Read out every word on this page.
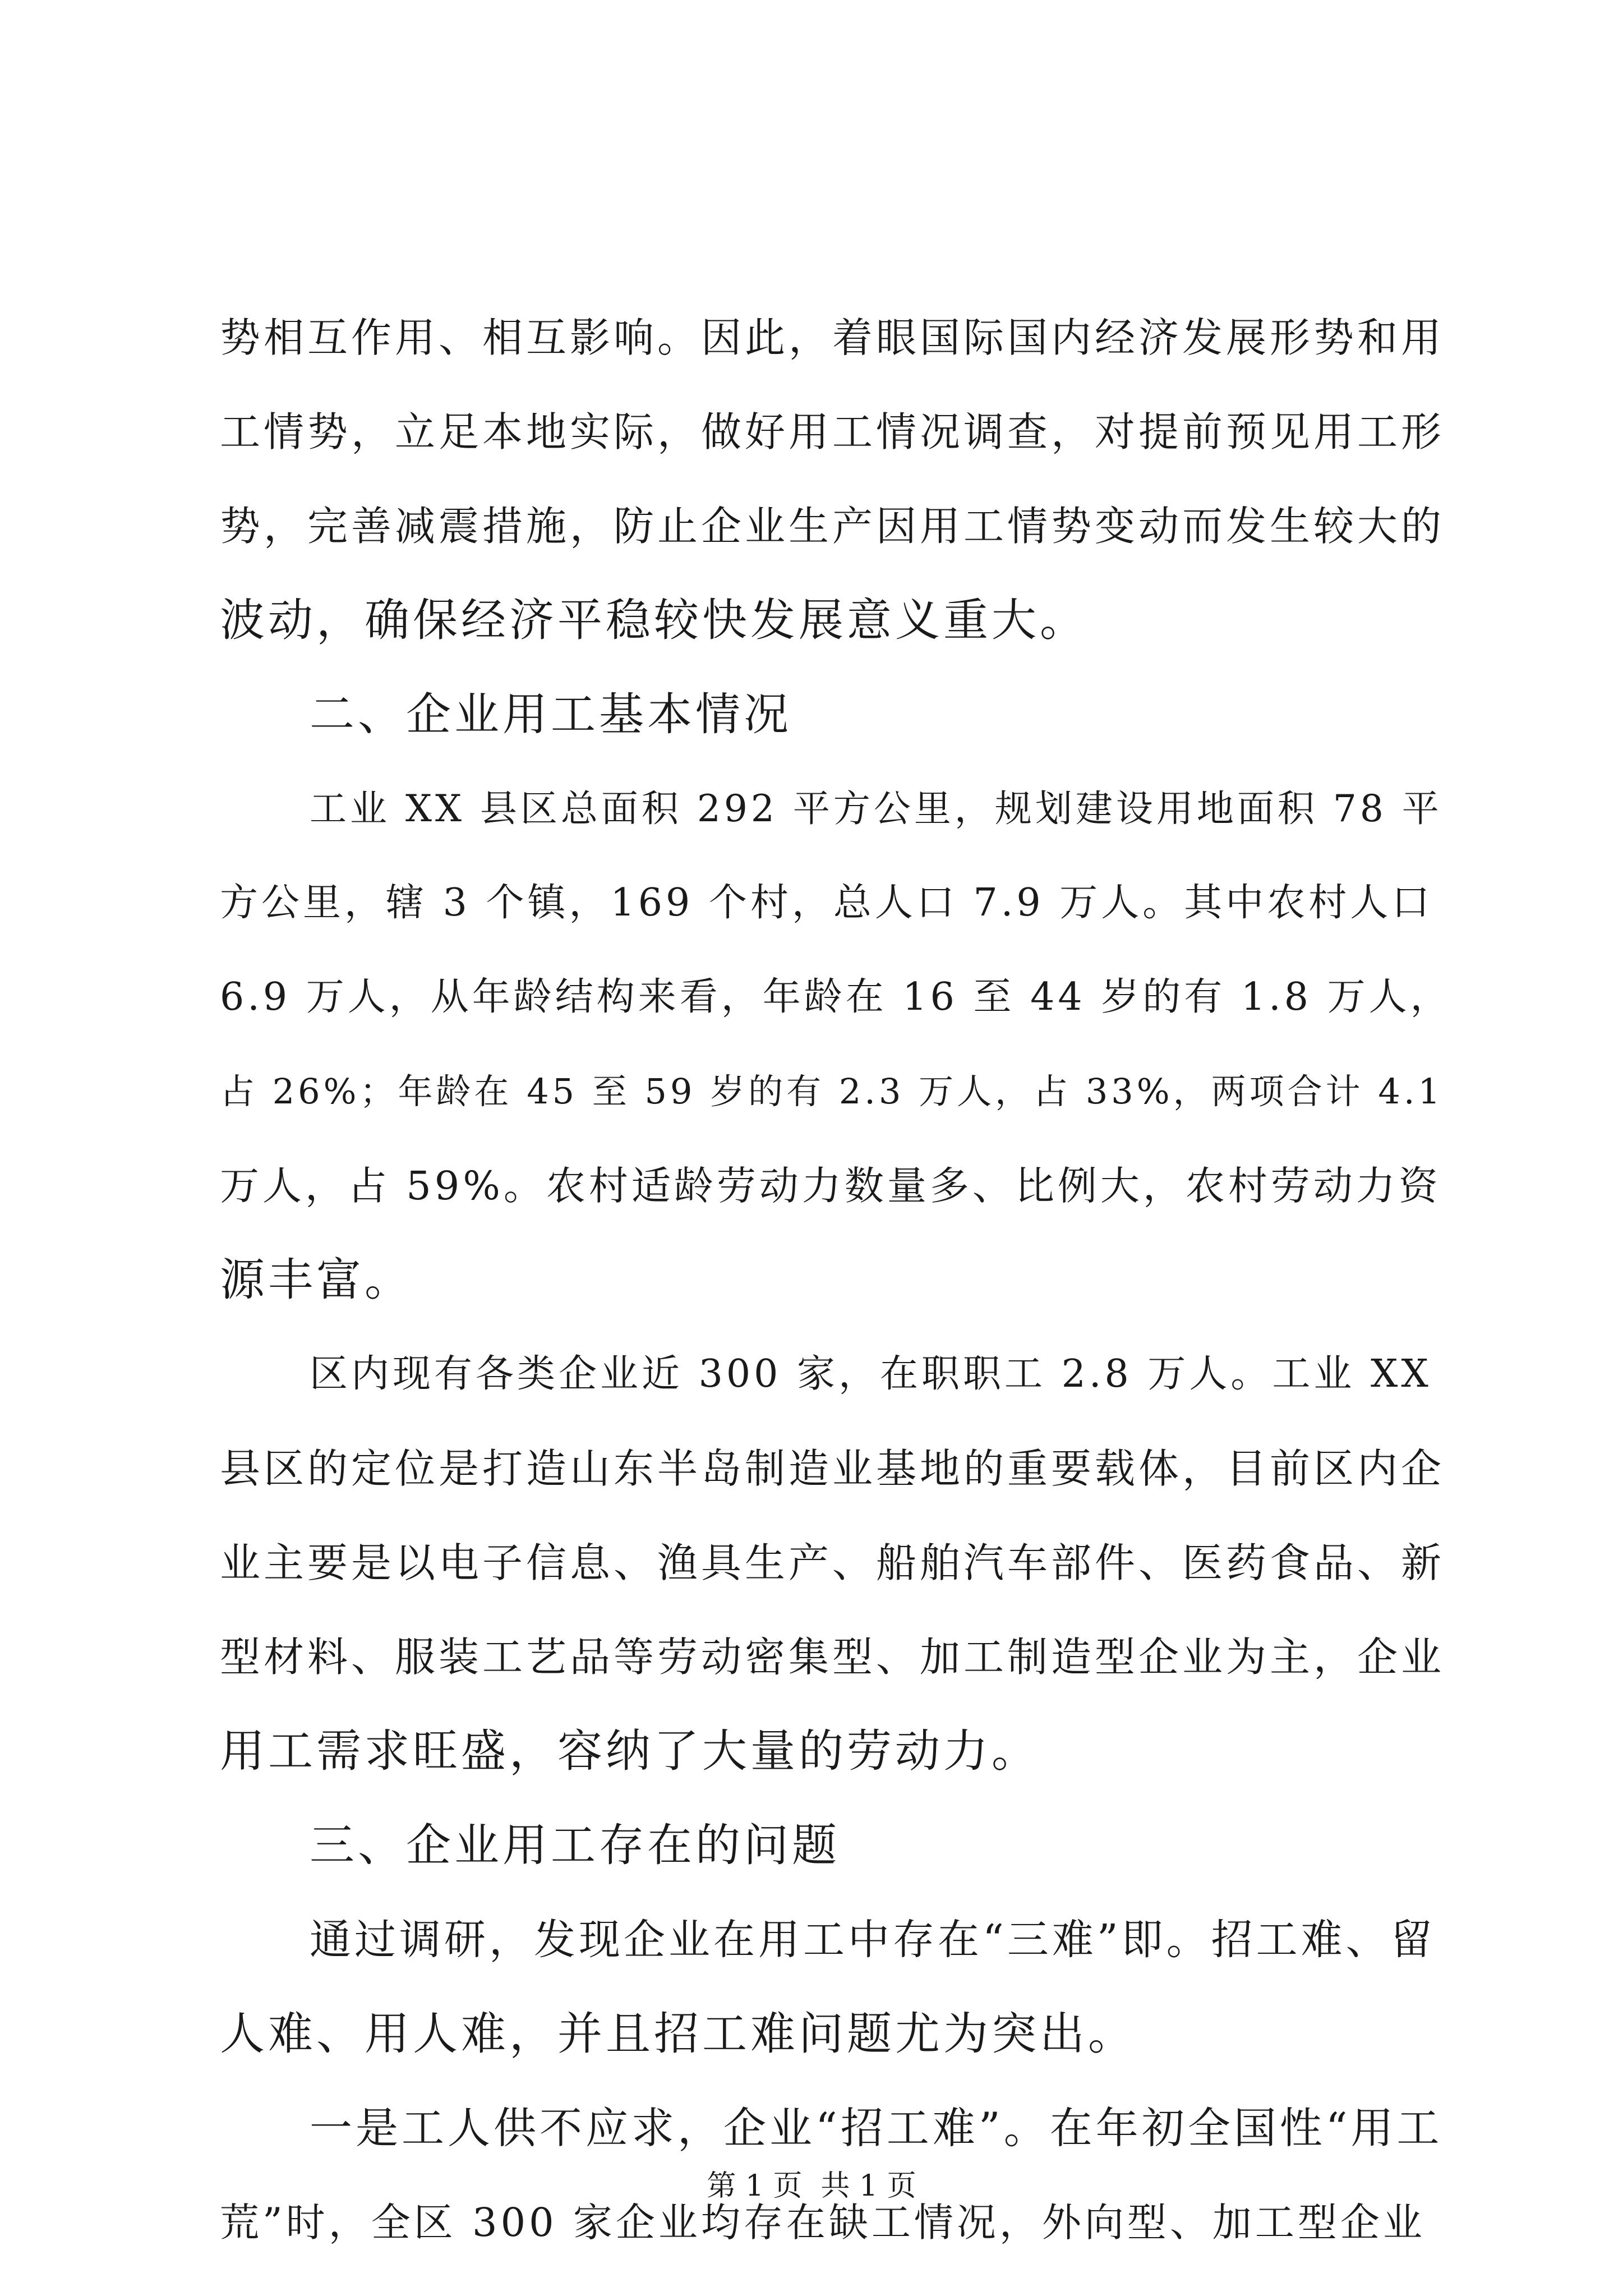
势相互作用、相互影响。因此，着眼国际国内经济发展形势和用
工情势，立足本地实际，做好用工情况调查，对提前预见用工形
势，完善减震措施，防止企业生产因用工情势变动而发生较大的
波动，确保经济平稳较快发展意义重大。
二、企业用工基本情况
工业 XX 县区总面积 292 平方公里，规划建设用地面积 78 平
方公里，辖 3 个镇，169 个村，总人口 7.9 万人。其中农村人口
6.9 万人，从年龄结构来看，年龄在 16 至 44 岁的有 1.8 万人，
占 26%；年龄在 45 至 59 岁的有 2.3 万人，占 33%，两项合计 4.1
万人，占 59%。农村适龄劳动力数量多、比例大，农村劳动力资
源丰富。
区内现有各类企业近 300 家，在职职工 2.8 万人。工业 XX
县区的定位是打造山东半岛制造业基地的重要载体，目前区内企
业主要是以电子信息、渔具生产、船舶汽车部件、医药食品、新
型材料、服装工艺品等劳动密集型、加工制造型企业为主，企业
用工需求旺盛，容纳了大量的劳动力。
三、企业用工存在的问题
通过调研，发现企业在用工中存在“三难”即。招工难、留
人难、用人难，并且招工难问题尤为突出。
一是工人供不应求，企业“招工难”。在年初全国性“用工
荒”时，全区 300 家企业均存在缺工情况，外向型、加工型企业
第 1 页  共 1 页
